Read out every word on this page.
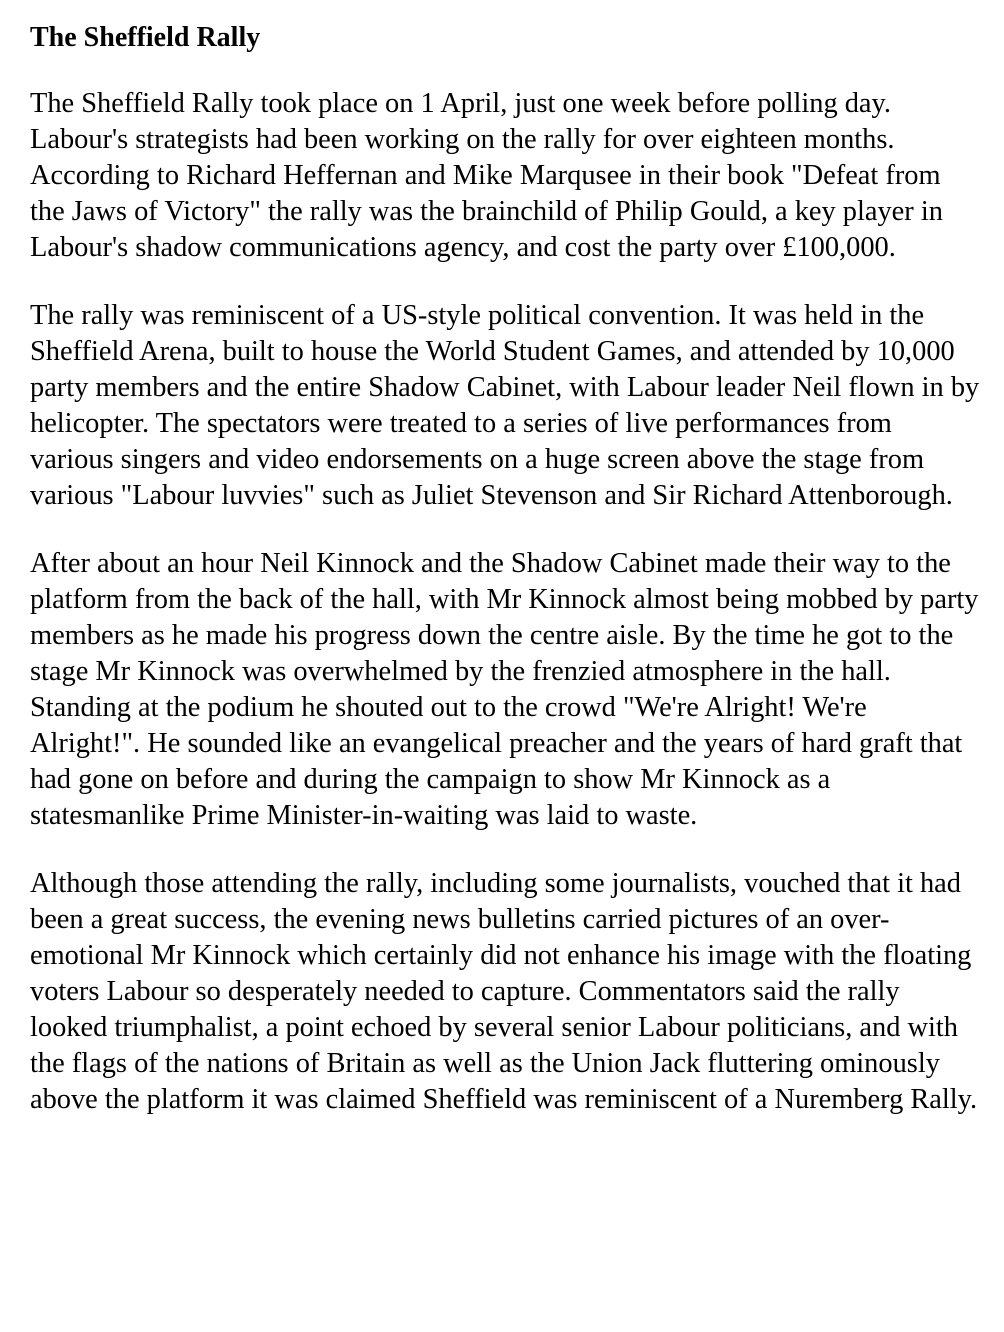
The Sheffield Rally

The Sheffield Rally took place on 1 April, just one week before polling day. Labour's strategists had been working on the rally for over eighteen months. According to Richard Heffernan and Mike Marqusee in their book "Defeat from the Jaws of Victory" the rally was the brainchild of Philip Gould, a key player in Labour's shadow communications agency, and cost the party over £100,000.

The rally was reminiscent of a US-style political convention. It was held in the Sheffield Arena, built to house the World Student Games, and attended by 10,000 party members and the entire Shadow Cabinet, with Labour leader Neil flown in by helicopter. The spectators were treated to a series of live performances from various singers and video endorsements on a huge screen above the stage from various "Labour luvvies" such as Juliet Stevenson and Sir Richard Attenborough.

After about an hour Neil Kinnock and the Shadow Cabinet made their way to the platform from the back of the hall, with Mr Kinnock almost being mobbed by party members as he made his progress down the centre aisle. By the time he got to the stage Mr Kinnock was overwhelmed by the frenzied atmosphere in the hall. Standing at the podium he shouted out to the crowd "We're Alright! We're Alright!". He sounded like an evangelical preacher and the years of hard graft that had gone on before and during the campaign to show Mr Kinnock as a statesmanlike Prime Minister-in-waiting was laid to waste.

Although those attending the rally, including some journalists, vouched that it had been a great success, the evening news bulletins carried pictures of an over-emotional Mr Kinnock which certainly did not enhance his image with the floating voters Labour so desperately needed to capture. Commentators said the rally looked triumphalist, a point echoed by several senior Labour politicians, and with the flags of the nations of Britain as well as the Union Jack fluttering ominously above the platform it was claimed Sheffield was reminiscent of a Nuremberg Rally.
